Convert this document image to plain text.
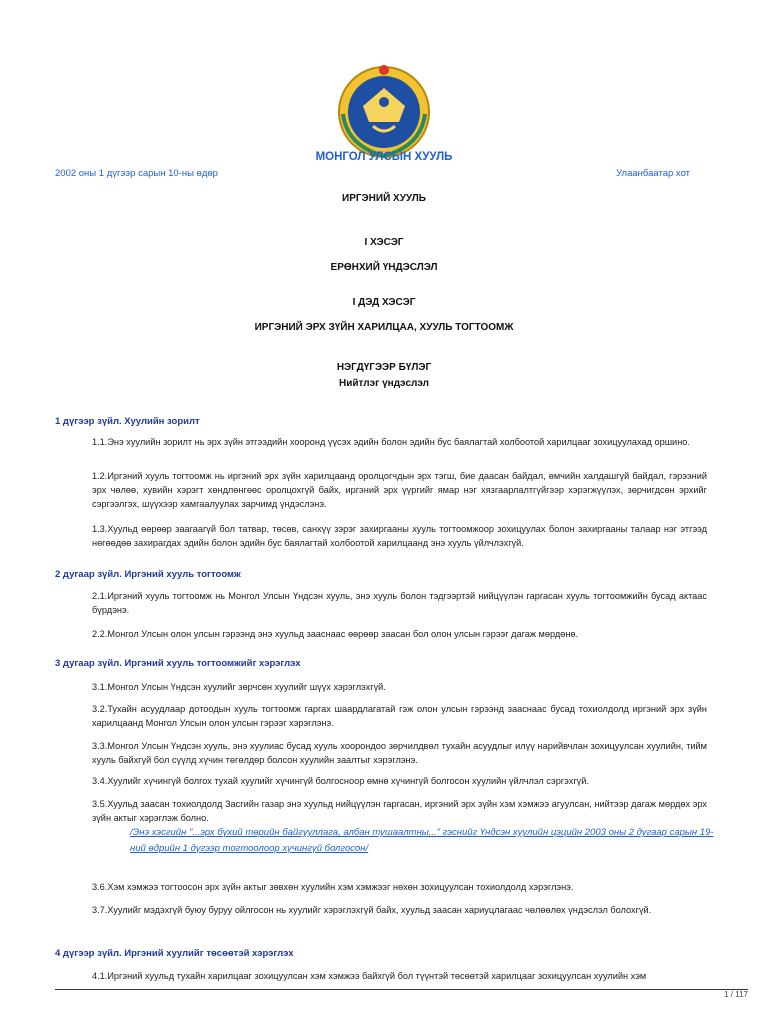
МОНГОЛ УЛСЫН ХУУЛЬ
2002 оны 1 дүгээр сарын 10-ны өдөр	Улаанбаатар хот
ИРГЭНИЙ ХУУЛЬ
I ХЭСЭГ
ЕРӨНХИЙ ҮНДЭСЛЭЛ
I ДЭД ХЭСЭГ
ИРГЭНИЙ ЭРХ ЗҮЙН ХАРИЛЦАА, ХУУЛЬ ТОГТООМЖ
НЭГДҮГЭЭР БҮЛЭГ
Нийтлэг үндэслэл
1 дүгээр зүйл. Хуулийн зорилт
1.1.Энэ хуулийн зорилт нь эрх зүйн этгээдийн хооронд үүсэх эдийн болон эдийн бус баялагтай холбоотой харилцааг зохицуулахад оршино.
1.2.Иргэний хууль тогтоомж нь иргэний эрх зүйн харилцаанд оролцогчдын эрх тэгш, бие даасан байдал, өмчийн халдашгүй байдал, гэрээний эрх чөлөө, хувийн хэрэгт хөндлөнгөөс оролцохгүй байх, иргэний эрх үүргийг ямар нэг хязгаарлалтгүйгээр хэрэгжүүлэх, зөрчигдсөн эрхийг сэргээлгэх, шүүхээр хамгаалуулах зарчимд үндэслэнэ.
1.3.Хуульд өөрөөр заагаагүй бол татвар, төсөв, санхүү зэрэг захиргааны хууль тогтоомжоор зохицуулах болон захиргааны талаар нэг этгээд нөгөөдөө захирагдах эдийн болон эдийн бус баялагтай холбоотой харилцаанд энэ хууль үйлчлэхгүй.
2 дугаар зүйл. Иргэний хууль тогтоомж
2.1.Иргэний хууль тогтоомж нь Монгол Улсын Үндсэн хууль, энэ хууль болон тэдгээртэй нийцүүлэн гаргасан хууль тогтоомжийн бусад актаас бүрдэнэ.
2.2.Монгол Улсын олон улсын гэрээнд энэ хуульд зааснаас өөрөөр заасан бол олон улсын гэрээг дагаж мөрдөнө.
3 дугаар зүйл. Иргэний хууль тогтоомжийг хэрэглэх
3.1.Монгол Улсын Үндсэн хуулийг зөрчсөн хуулийг шүүх хэрэглэхгүй.
3.2.Тухайн асуудлаар дотоодын хууль тогтоомж гаргах шаардлагатай гэж олон улсын гэрээнд зааснаас бусад тохиолдолд иргэний эрх зүйн харилцаанд Монгол Улсын олон улсын гэрээг хэрэглэнэ.
3.3.Монгол Улсын Үндсэн хууль, энэ хуулиас бусад хууль хоорондоо зөрчилдвөл тухайн асуудлыг илүү нарийвчлан зохицуулсан хуулийн, тийм хууль байхгүй бол сүүлд хүчин төгөлдөр болсон хуулийн заалтыг хэрэглэнэ.
3.4.Хуулийг хүчингүй болгох тухай хуулийг хүчингүй болгосноор өмнө хүчингүй болгосон хуулийн үйлчлэл сэргэхгүй.
3.5.Хуульд заасан тохиолдолд Засгийн газар энэ хуульд нийцүүлэн гаргасан, иргэний эрх зүйн хэм хэмжээ агуулсан, нийтээр дагаж мөрдөх эрх зүйн актыг хэрэглэж болно.
/Энэ хэсгийн "...эрх бүхий төрийн байгууллага, албан тушаалтны..." гэснийг Үндсэн хуулийн цэцийн 2003 оны 2 дугаар сарын 19-ний өдрийн 1 дүгээр тогтоолоор хүчингүй болгосон/
3.6.Хэм хэмжээ тогтоосон эрх зүйн актыг зөвхөн хуулийн хэм хэмжээг нөхөн зохицуулсан тохиолдолд хэрэглэнэ.
3.7.Хуулийг мэдэхгүй буюу буруу ойлгосон нь хуулийг хэрэглэхгүй байх, хуульд заасан хариуцлагаас чөлөөлөх үндэслэл болохгүй.
4 дүгээр зүйл. Иргэний хуулийг төсөөтэй хэрэглэх
4.1.Иргэний хуульд тухайн харилцааг зохицуулсан хэм хэмжээ байхгүй бол түүнтэй төсөөтэй харилцааг зохицуулсан хуулийн хэм
1 / 117
